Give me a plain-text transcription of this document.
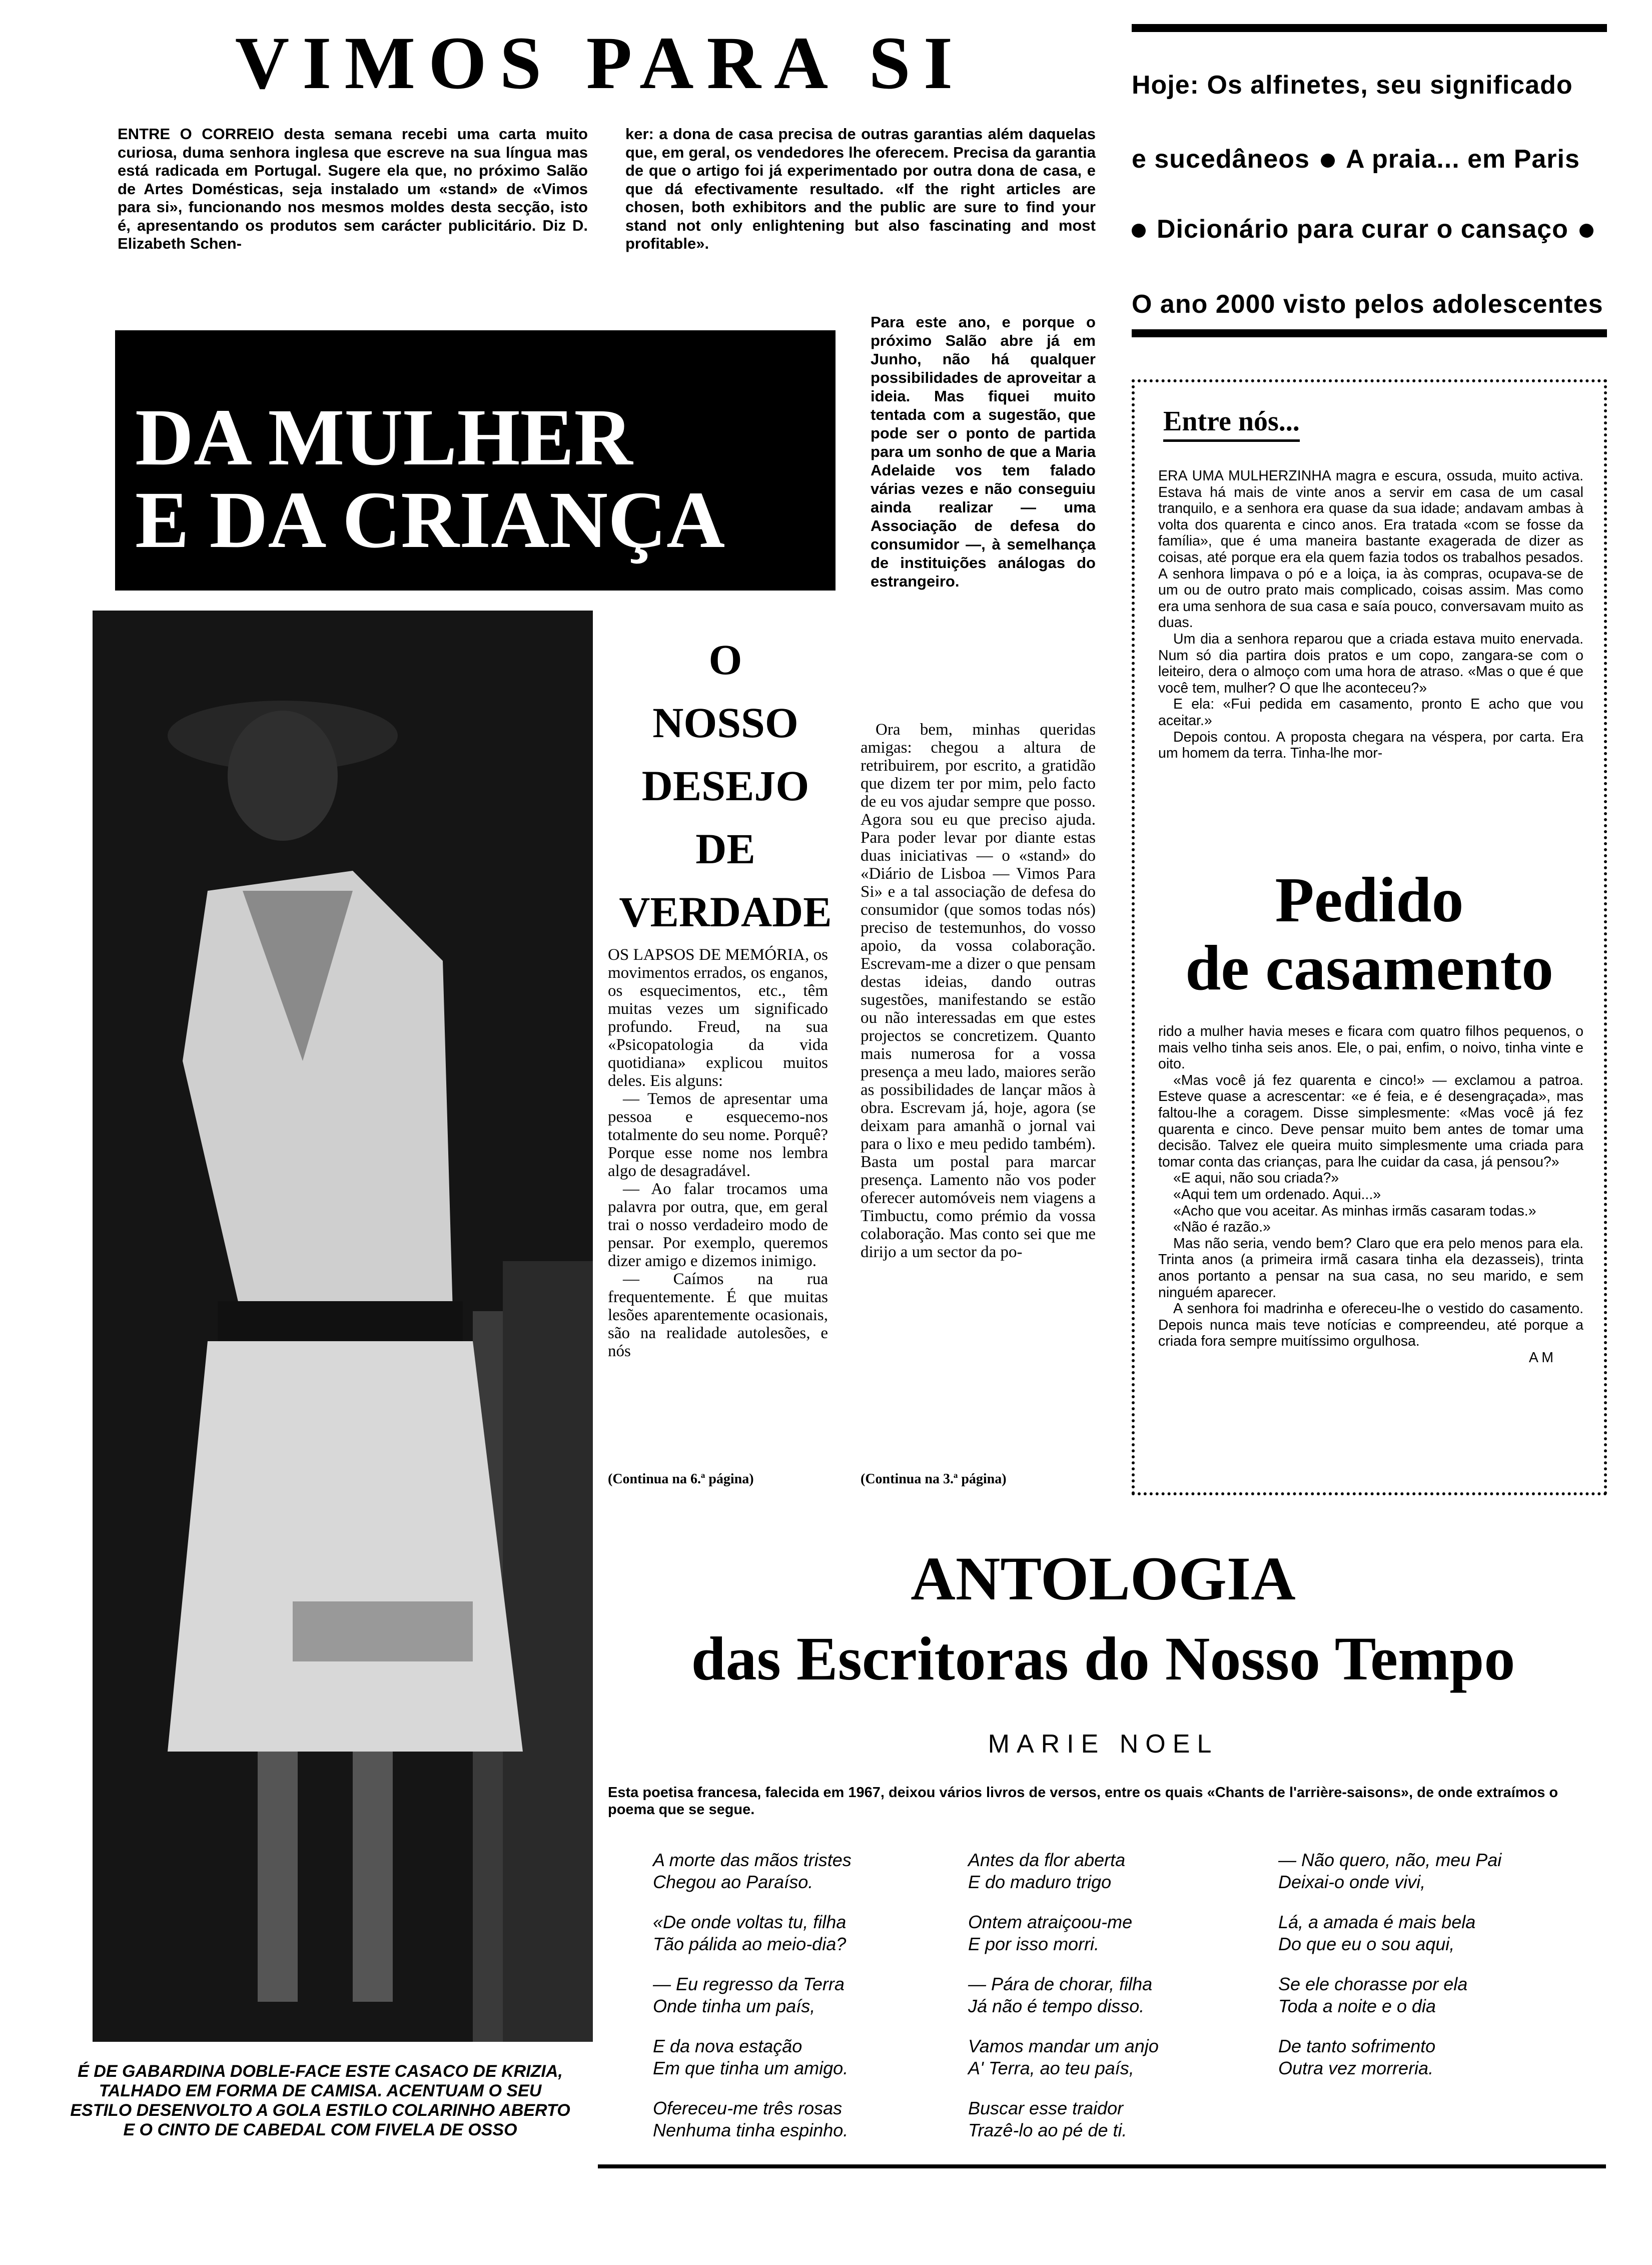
VIMOS PARA SI
ENTRE O CORREIO desta semana recebi uma carta muito curiosa, duma senhora inglesa que escreve na sua língua mas está radicada em Portugal. Sugere ela que, no próximo Salão de Artes Domésticas, seja instalado um «stand» de «Vimos para si», funcionando nos mesmos moldes desta secção, isto é, apresentando os produtos sem carácter publicitário. Diz D. Elizabeth Schen-
ker: a dona de casa precisa de outras garantias além daquelas que, em geral, os vendedores lhe oferecem. Precisa da garantia de que o artigo foi já experimentado por outra dona de casa, e que dá efectivamente resultado. «If the right articles are chosen, both exhibitors and the public are sure to find your stand not only enlightening but also fascinating and most profitable».
Para este ano, e porque o próximo Salão abre já em Junho, não há qualquer possibilidades de aproveitar a ideia. Mas fiquei muito tentada com a sugestão, que pode ser o ponto de partida para um sonho de que a Maria Adelaide vos tem falado várias vezes e não conseguiu ainda realizar — uma Associação de defesa do consumidor —, à semelhança de instituições análogas do estrangeiro.
Hoje: Os alfinetes, seu significado
e sucedâneos A praia... em Paris
Dicionário para curar o cansaço
O ano 2000 visto pelos adolescentes
DA MULHER
E DA CRIANÇA
É DE GABARDINA DOBLE-FACE ESTE CASACO DE KRIZIA, TALHADO EM FORMA DE CAMISA. ACENTUAM O SEU ESTILO DESENVOLTO A GOLA ESTILO COLARINHO ABERTO E O CINTO DE CABEDAL COM FIVELA DE OSSO
O
NOSSO
DESEJO
DE
VERDADE

OS LAPSOS DE MEMÓRIA, os movimentos errados, os enganos, os esquecimentos, etc., têm muitas vezes um significado profundo. Freud, na sua «Psicopatologia da vida quotidiana» explicou muitos deles. Eis alguns:

— Temos de apresentar uma pessoa e esquecemo-nos totalmente do seu nome. Porquê? Porque esse nome nos lembra algo de desagradável.

— Ao falar trocamos uma palavra por outra, que, em geral trai o nosso verdadeiro modo de pensar. Por exemplo, queremos dizer amigo e dizemos inimigo.

— Caímos na rua frequentemente. É que muitas lesões aparentemente ocasionais, são na realidade autolesões, e nós

(Continua na 6.ª página)
Ora bem, minhas queridas amigas: chegou a altura de retribuirem, por escrito, a gratidão que dizem ter por mim, pelo facto de eu vos ajudar sempre que posso. Agora sou eu que preciso ajuda. Para poder levar por diante estas duas iniciativas — o «stand» do «Diário de Lisboa — Vimos Para Si» e a tal associação de defesa do consumidor (que somos todas nós) preciso de testemunhos, do vosso apoio, da vossa colaboração. Escrevam-me a dizer o que pensam destas ideias, dando outras sugestões, manifestando se estão ou não interessadas em que estes projectos se concretizem. Quanto mais numerosa for a vossa presença a meu lado, maiores serão as possibilidades de lançar mãos à obra. Escrevam já, hoje, agora (se deixam para amanhã o jornal vai para o lixo e meu pedido também). Basta um postal para marcar presença. Lamento não vos poder oferecer automóveis nem viagens a Timbuctu, como prémio da vossa colaboração. Mas conto sei que me dirijo a um sector da po-
(Continua na 3.ª página)
Entre nós...

ERA UMA MULHERZINHA magra e escura, ossuda, muito activa. Estava há mais de vinte anos a servir em casa de um casal tranquilo, e a senhora era quase da sua idade; andavam ambas à volta dos quarenta e cinco anos. Era tratada «com se fosse da família», que é uma maneira bastante exagerada de dizer as coisas, até porque era ela quem fazia todos os trabalhos pesados. A senhora limpava o pó e a loiça, ia às compras, ocupava-se de um ou de outro prato mais complicado, coisas assim. Mas como era uma senhora de sua casa e saía pouco, conversavam muito as duas.

Um dia a senhora reparou que a criada estava muito enervada. Num só dia partira dois pratos e um copo, zangara-se com o leiteiro, dera o almoço com uma hora de atraso. «Mas o que é que você tem, mulher? O que lhe aconteceu?»

E ela: «Fui pedida em casamento, pronto E acho que vou aceitar.»

Depois contou. A proposta chegara na véspera, por carta. Era um homem da terra. Tinha-lhe mor-

Pedido
de casamento

rido a mulher havia meses e ficara com quatro filhos pequenos, o mais velho tinha seis anos. Ele, o pai, enfim, o noivo, tinha vinte e oito.

«Mas você já fez quarenta e cinco!» — exclamou a patroa. Esteve quase a acrescentar: «e é feia, e é desengraçada», mas faltou-lhe a coragem. Disse simplesmente: «Mas você já fez quarenta e cinco. Deve pensar muito bem antes de tomar uma decisão. Talvez ele queira muito simplesmente uma criada para tomar conta das crianças, para lhe cuidar da casa, já pensou?»

«E aqui, não sou criada?»

«Aqui tem um ordenado. Aqui...»

«Acho que vou aceitar. As minhas irmãs casaram todas.»

«Não é razão.»

Mas não seria, vendo bem? Claro que era pelo menos para ela. Trinta anos (a primeira irmã casara tinha ela dezasseis), trinta anos portanto a pensar na sua casa, no seu marido, e sem ninguém aparecer.

A senhora foi madrinha e ofereceu-lhe o vestido do casamento. Depois nunca mais teve notícias e compreendeu, até porque a criada fora sempre muitíssimo orgulhosa.

A M

ANTOLOGIA
das Escritoras do Nosso Tempo
MARIE NOEL
Esta poetisa francesa, falecida em 1967, deixou vários livros de versos, entre os quais «Chants de l'arrière-saisons», de onde extraímos o poema que se segue.

A morte das mãos tristes
Chegou ao Paraíso.

«De onde voltas tu, filha
Tão pálida ao meio-dia?

— Eu regresso da Terra
Onde tinha um país,

E da nova estação
Em que tinha um amigo.

Ofereceu-me três rosas
Nenhuma tinha espinho.

Antes da flor aberta
E do maduro trigo

Ontem atraiçoou-me
E por isso morri.

— Pára de chorar, filha
Já não é tempo disso.

Vamos mandar um anjo
A' Terra, ao teu país,

Buscar esse traidor
Trazê-lo ao pé de ti.

— Não quero, não, meu Pai
Deixai-o onde vivi,

Lá, a amada é mais bela
Do que eu o sou aqui,

Se ele chorasse por ela
Toda a noite e o dia

De tanto sofrimento
Outra vez morreria.
